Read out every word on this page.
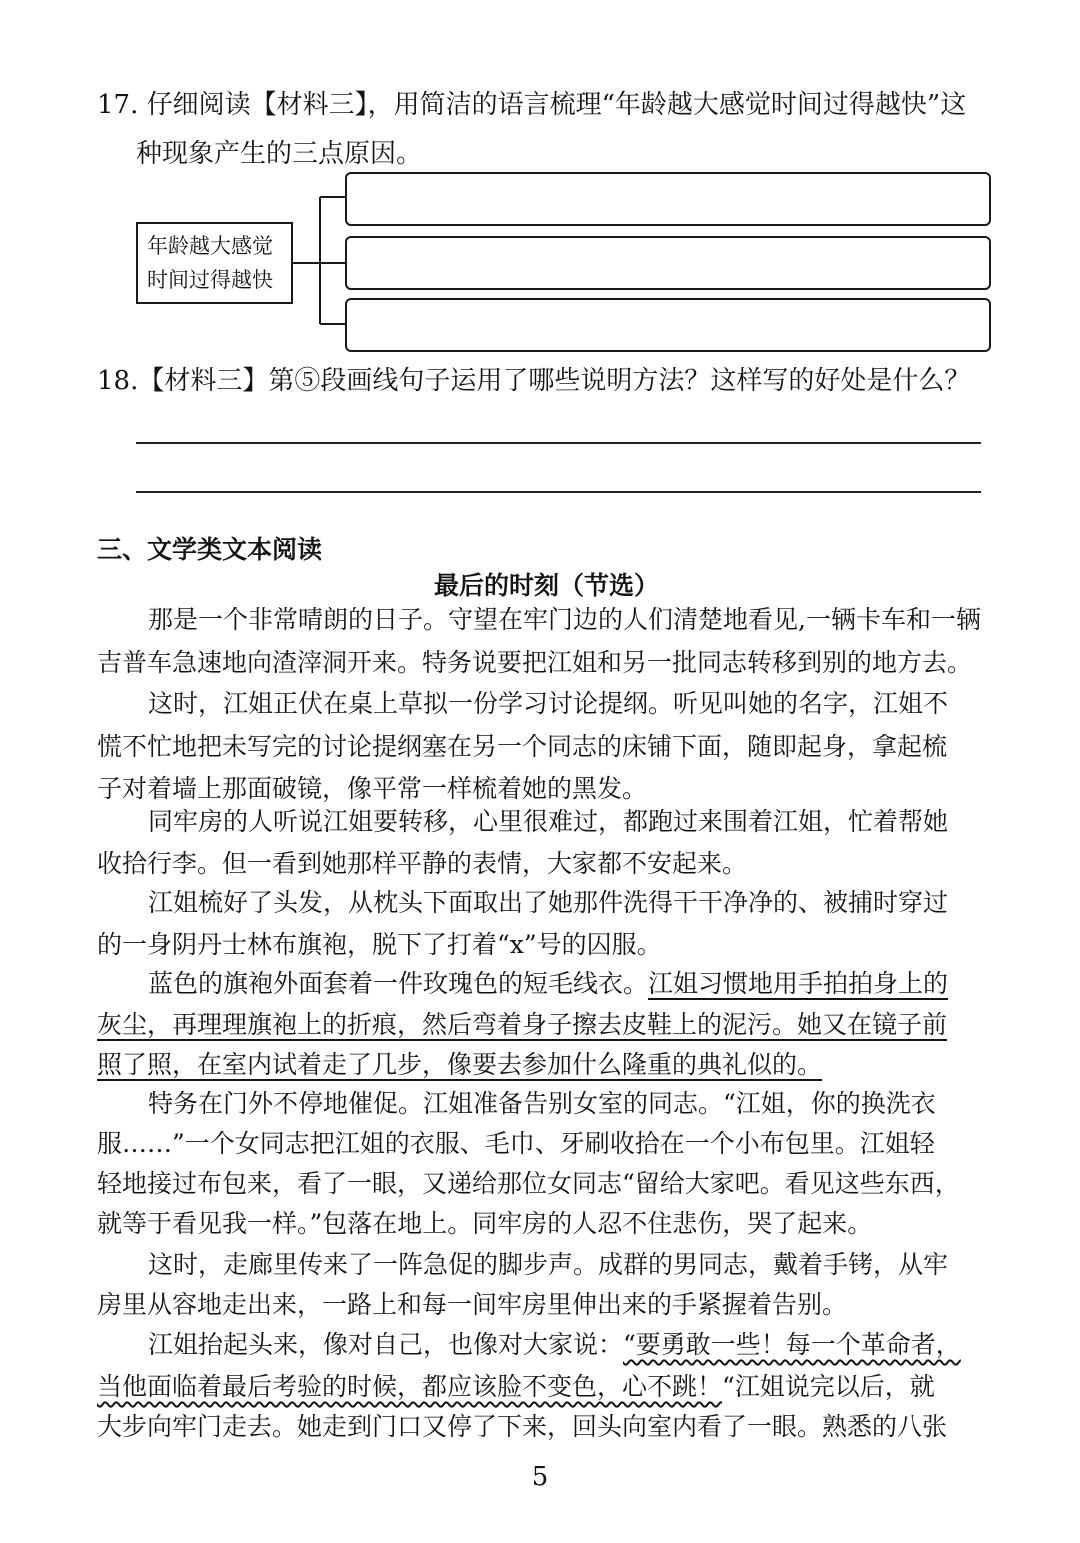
17. 仔细阅读【材料三】，用简洁的语言梳理“年龄越大感觉时间过得越快”这
种现象产生的三点原因。
年龄越大感觉
时间过得越快
18.【材料三】第⑤段画线句子运用了哪些说明方法？这样写的好处是什么？
三、文学类文本阅读
最后的时刻（节选）
那是一个非常晴朗的日子。守望在牢门边的人们清楚地看见,一辆卡车和一辆
吉普车急速地向渣滓洞开来。特务说要把江姐和另一批同志转移到别的地方去。
这时，江姐正伏在桌上草拟一份学习讨论提纲。听见叫她的名字，江姐不
慌不忙地把未写完的讨论提纲塞在另一个同志的床铺下面，随即起身，拿起梳
子对着墙上那面破镜，像平常一样梳着她的黑发。
同牢房的人听说江姐要转移，心里很难过，都跑过来围着江姐，忙着帮她
收拾行李。但一看到她那样平静的表情，大家都不安起来。
江姐梳好了头发，从枕头下面取出了她那件洗得干干净净的、被捕时穿过
的一身阴丹士林布旗袍，脱下了打着“x”号的囚服。
蓝色的旗袍外面套着一件玫瑰色的短毛线衣。江姐习惯地用手拍拍身上的
灰尘，再理理旗袍上的折痕，然后弯着身子擦去皮鞋上的泥污。她又在镜子前
照了照，在室内试着走了几步，像要去参加什么隆重的典礼似的。
特务在门外不停地催促。江姐准备告别女室的同志。“江姐，你的换洗衣
服……”一个女同志把江姐的衣服、毛巾、牙刷收拾在一个小布包里。江姐轻
轻地接过布包来，看了一眼，又递给那位女同志“留给大家吧。看见这些东西，
就等于看见我一样。”包落在地上。同牢房的人忍不住悲伤，哭了起来。
这时，走廊里传来了一阵急促的脚步声。成群的男同志，戴着手铐，从牢
房里从容地走出来，一路上和每一间牢房里伸出来的手紧握着告别。
江姐抬起头来，像对自己，也像对大家说：“要勇敢一些！每一个革命者，
当他面临着最后考验的时候，都应该脸不变色，心不跳！“江姐说完以后，就
大步向牢门走去。她走到门口又停了下来，回头向室内看了一眼。熟悉的八张
5
